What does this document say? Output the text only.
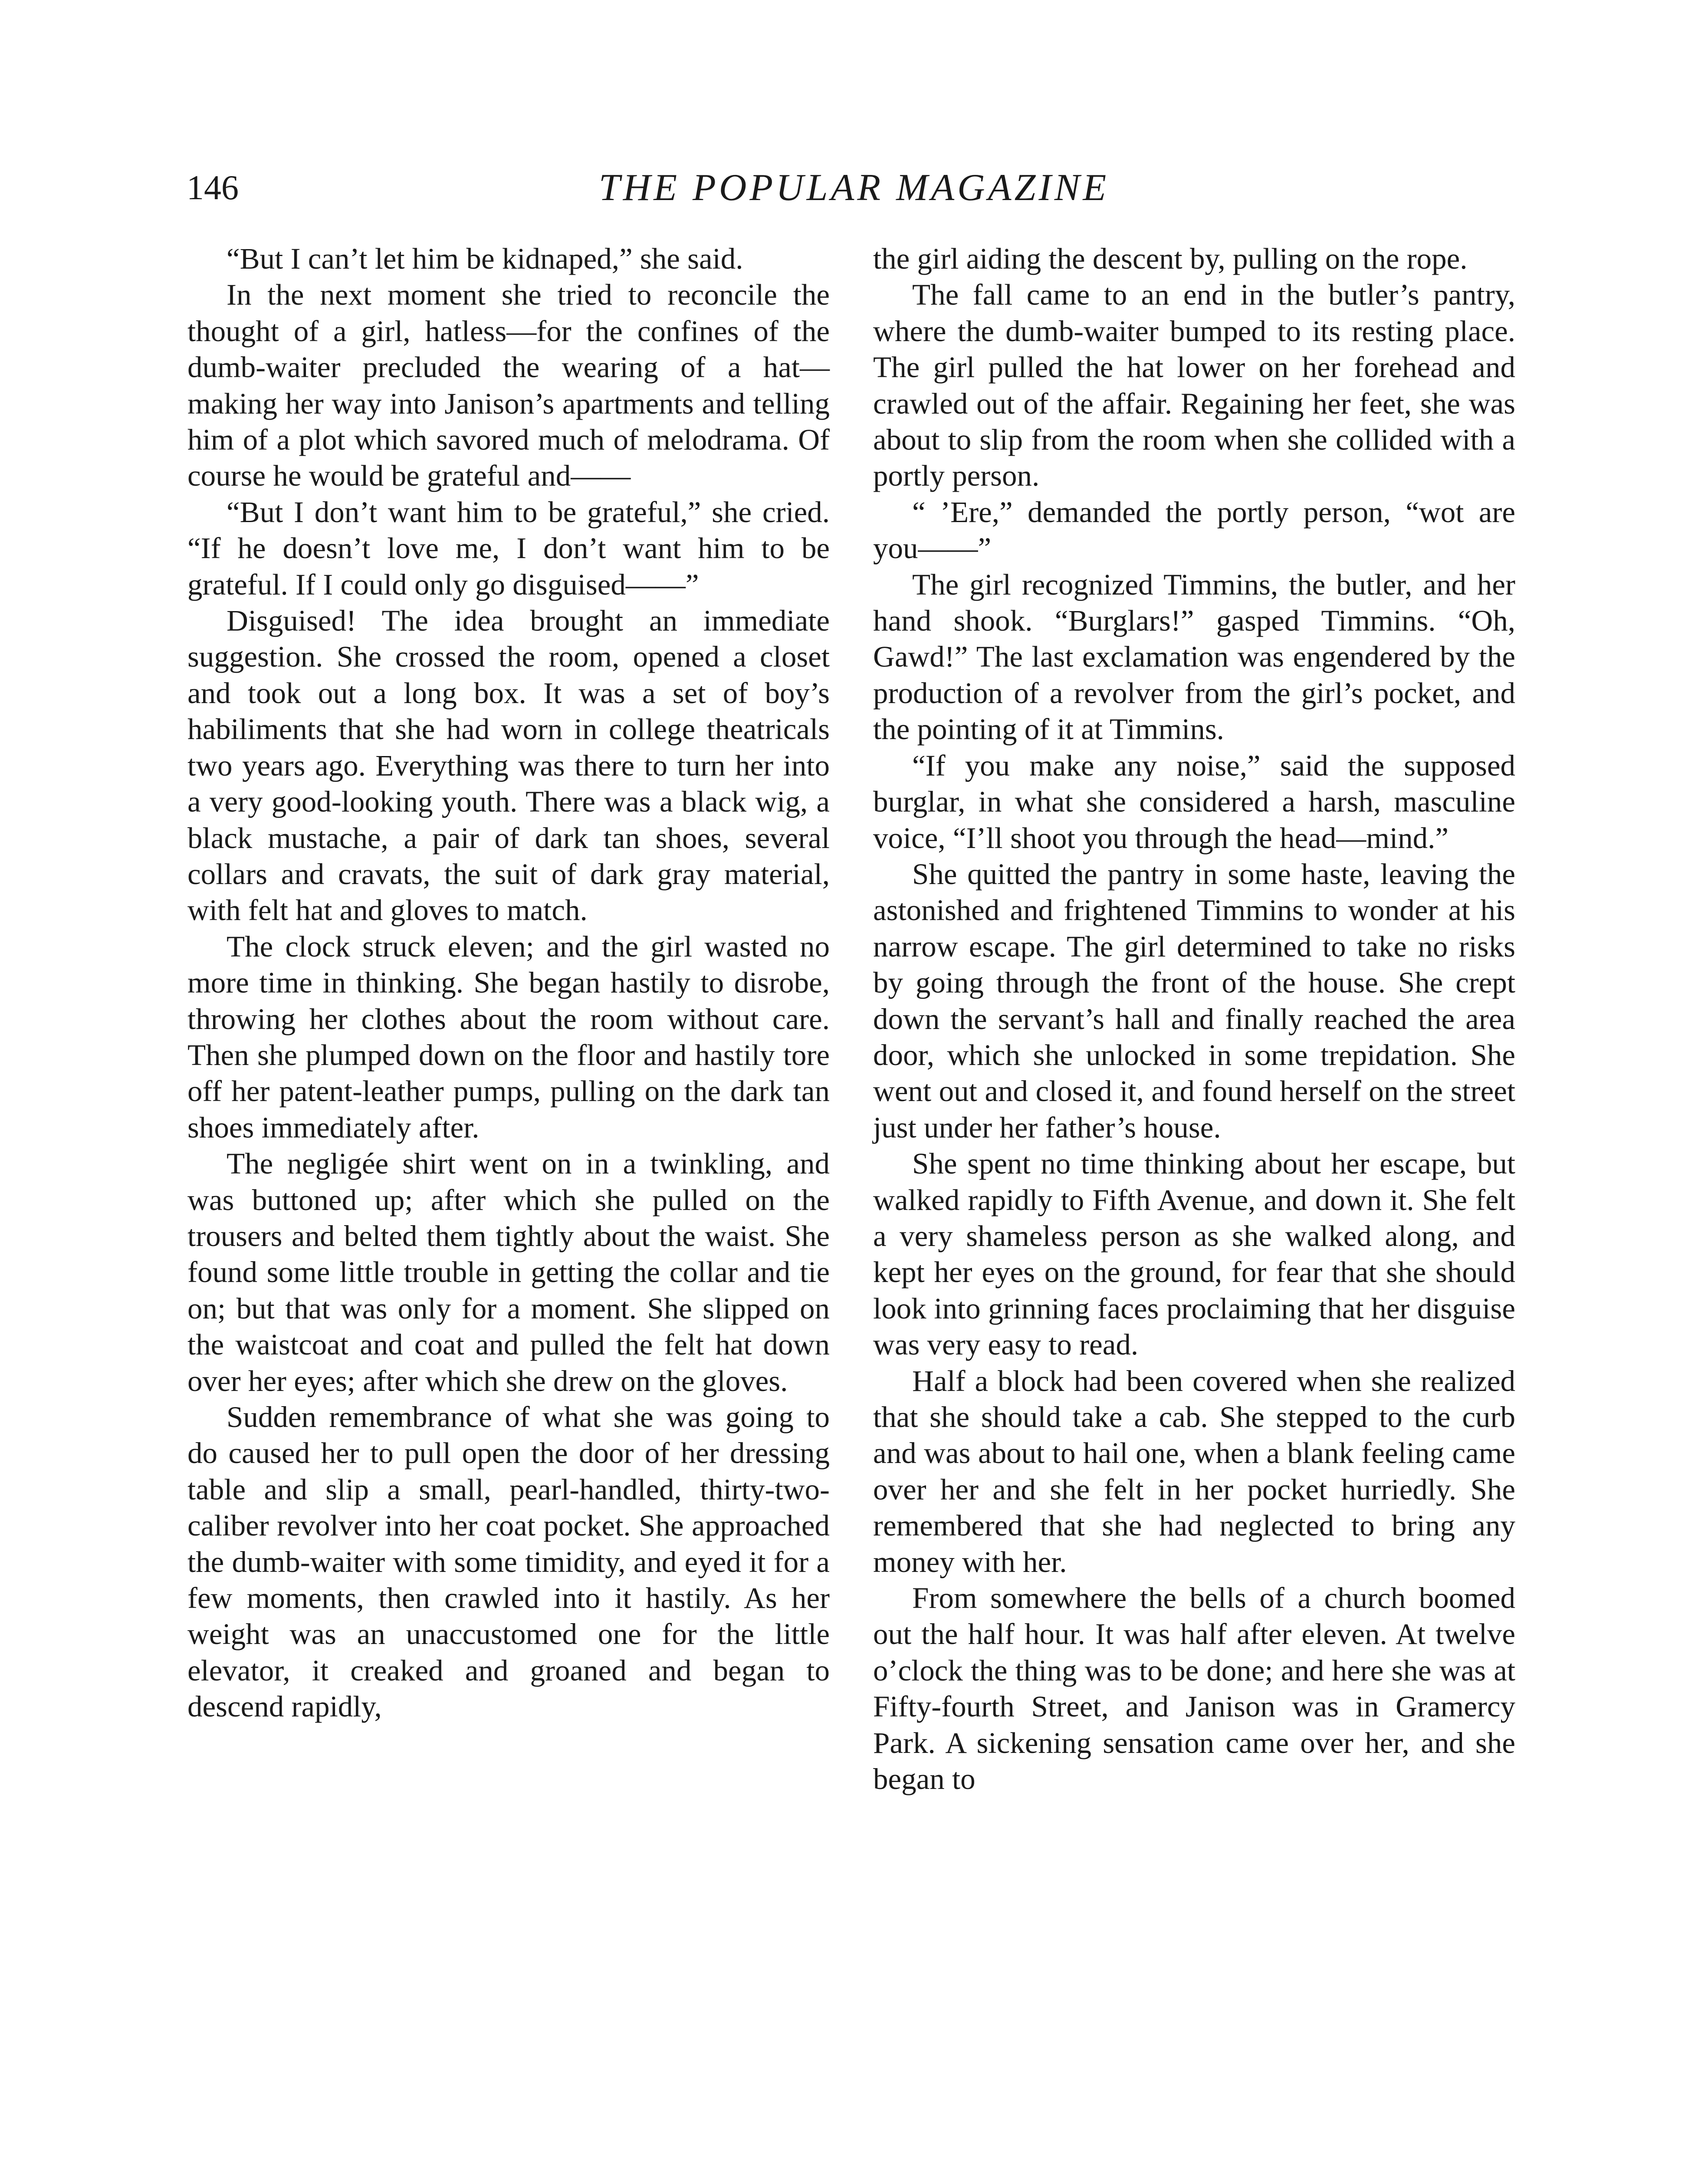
146	THE POPULAR MAGAZINE

“But I can’t let him be kidnaped,” she said.

In the next moment she tried to reconcile the thought of a girl, hatless—for the confines of the dumb-waiter precluded the wearing of a hat—making her way into Janison’s apartments and telling him of a plot which savored much of melodrama. Of course he would be grateful and——

“But I don’t want him to be grateful,” she cried. “If he doesn’t love me, I don’t want him to be grateful. If I could only go disguised——”

Disguised! The idea brought an immediate suggestion. She crossed the room, opened a closet and took out a long box. It was a set of boy’s habiliments that she had worn in college theatricals two years ago. Everything was there to turn her into a very good-looking youth. There was a black wig, a black mustache, a pair of dark tan shoes, several collars and cravats, the suit of dark gray material, with felt hat and gloves to match.

The clock struck eleven; and the girl wasted no more time in thinking. She began hastily to disrobe, throwing her clothes about the room without care. Then she plumped down on the floor and hastily tore off her patent-leather pumps, pulling on the dark tan shoes immediately after.

The negligée shirt went on in a twinkling, and was buttoned up; after which she pulled on the trousers and belted them tightly about the waist. She found some little trouble in getting the collar and tie on; but that was only for a moment. She slipped on the waistcoat and coat and pulled the felt hat down over her eyes; after which she drew on the gloves.

Sudden remembrance of what she was going to do caused her to pull open the door of her dressing table and slip a small, pearl-handled, thirty-two-caliber revolver into her coat pocket. She approached the dumb-waiter with some timidity, and eyed it for a few moments, then crawled into it hastily. As her weight was an unaccustomed one for the little elevator, it creaked and groaned and began to descend rapidly,

the girl aiding the descent by, pulling on the rope.

The fall came to an end in the butler’s pantry, where the dumb-waiter bumped to its resting place. The girl pulled the hat lower on her forehead and crawled out of the affair. Regaining her feet, she was about to slip from the room when she collided with a portly person.

“ ’Ere,” demanded the portly person, “wot are you——”

The girl recognized Timmins, the butler, and her hand shook. “Burglars!” gasped Timmins. “Oh, Gawd!” The last exclamation was engendered by the production of a revolver from the girl’s pocket, and the pointing of it at Timmins.

“If you make any noise,” said the supposed burglar, in what she considered a harsh, masculine voice, “I’ll shoot you through the head—mind.”

She quitted the pantry in some haste, leaving the astonished and frightened Timmins to wonder at his narrow escape. The girl determined to take no risks by going through the front of the house. She crept down the servant’s hall and finally reached the area door, which she unlocked in some trepidation. She went out and closed it, and found herself on the street just under her father’s house.

She spent no time thinking about her escape, but walked rapidly to Fifth Avenue, and down it. She felt a very shameless person as she walked along, and kept her eyes on the ground, for fear that she should look into grinning faces proclaiming that her disguise was very easy to read.

Half a block had been covered when she realized that she should take a cab. She stepped to the curb and was about to hail one, when a blank feeling came over her and she felt in her pocket hurriedly. She remembered that she had neglected to bring any money with her.

From somewhere the bells of a church boomed out the half hour. It was half after eleven. At twelve o’clock the thing was to be done; and here she was at Fifty-fourth Street, and Janison was in Gramercy Park. A sickening sensation came over her, and she began to
